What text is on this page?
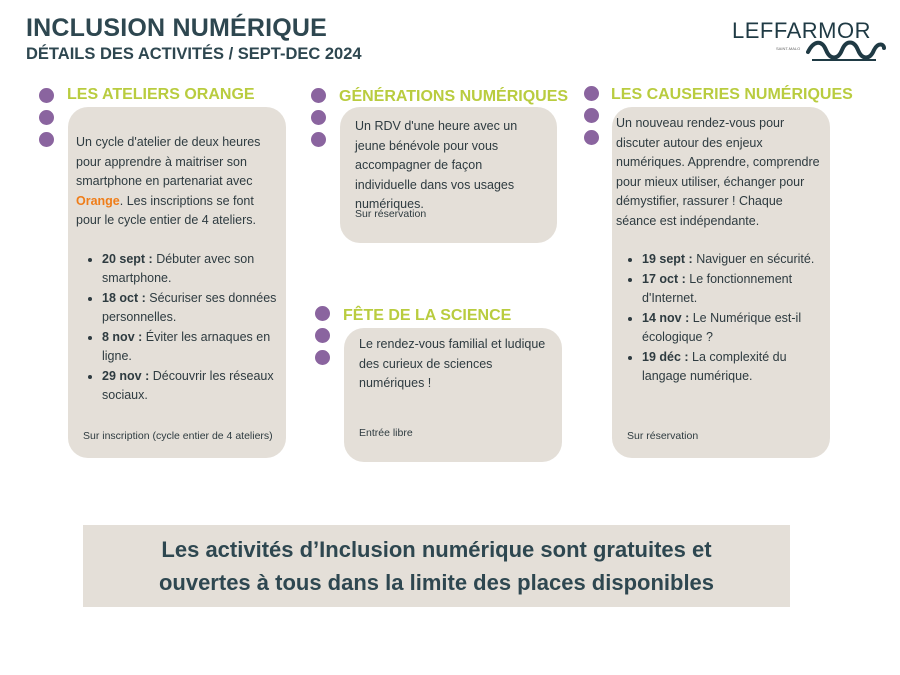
INCLUSION NUMÉRIQUE
DÉTAILS DES ACTIVITÉS / SEPT-DEC 2024
LEFFARMOR
SAINT-MALO
LES ATELIERS ORANGE

Un cycle d'atelier de deux heures pour apprendre à maitriser son smartphone en partenariat avec Orange. Les inscriptions se font pour le cycle entier de 4 ateliers.

• 20 sept : Débuter avec son smartphone.
• 18 oct : Sécuriser ses données personnelles.
• 8 nov : Éviter les arnaques en ligne.
• 29 nov : Découvrir les réseaux sociaux.
Sur inscription (cycle entier de 4 ateliers)
GÉNÉRATIONS NUMÉRIQUES

Un RDV d'une heure avec un jeune bénévole pour vous accompagner de façon individuelle dans vos usages numériques.

Sur réservation
FÊTE DE LA SCIENCE

Le rendez-vous familial et ludique des curieux de sciences numériques !

Entrée libre
LES CAUSERIES NUMÉRIQUES

Un nouveau rendez-vous pour discuter autour des enjeux numériques. Apprendre, comprendre pour mieux utiliser, échanger pour démystifier, rassurer ! Chaque séance est indépendante.

• 19 sept : Naviguer en sécurité.
• 17 oct : Le fonctionnement d'Internet.
• 14 nov : Le Numérique est-il écologique ?
• 19 déc : La complexité du langage numérique.
Sur réservation

Les activités d’Inclusion numérique sont gratuites et
ouvertes à tous dans la limite des places disponibles
